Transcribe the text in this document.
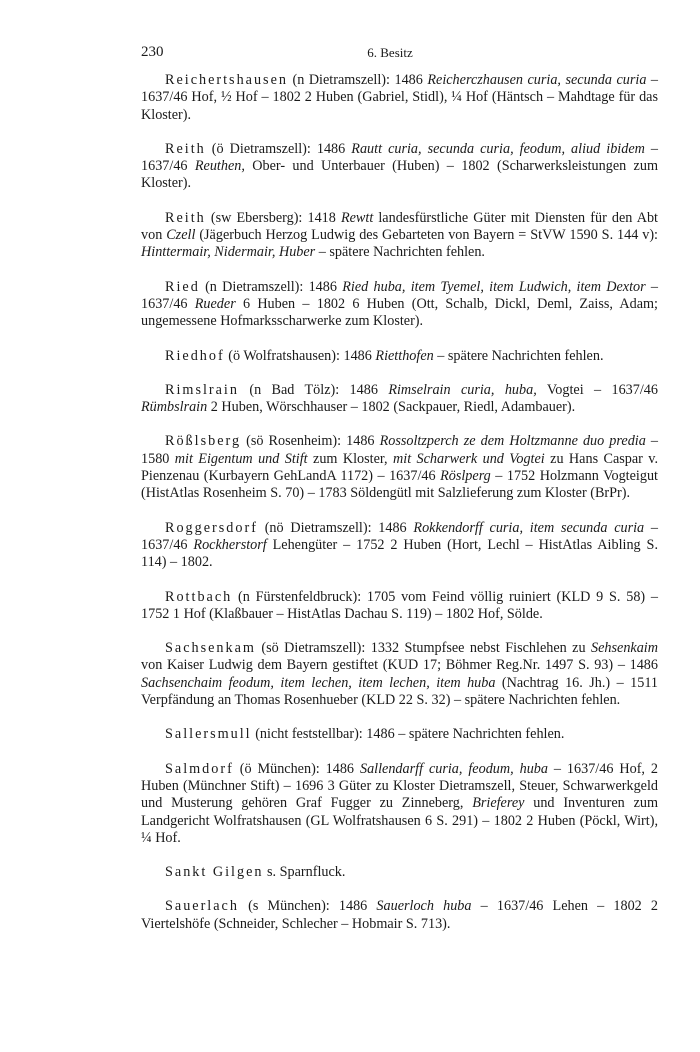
230	6. Besitz

Reichertshausen (n Dietramszell): 1486 Reicherczhausen curia, secunda curia – 1637/46 Hof, ½ Hof – 1802 2 Huben (Gabriel, Stidl), ¼ Hof (Häntsch – Mahdtage für das Kloster).

Reith (ö Dietramszell): 1486 Rautt curia, secunda curia, feodum, aliud ibidem – 1637/46 Reuthen, Ober- und Unterbauer (Huben) – 1802 (Scharwerksleistungen zum Kloster).

Reith (sw Ebersberg): 1418 Rewtt landesfürstliche Güter mit Diensten für den Abt von Czell (Jägerbuch Herzog Ludwig des Gebarteten von Bayern = StVW 1590 S. 144 v): Hinttermair, Nidermair, Huber – spätere Nachrichten fehlen.

Ried (n Dietramszell): 1486 Ried huba, item Tyemel, item Ludwich, item Dextor – 1637/46 Rueder 6 Huben – 1802 6 Huben (Ott, Schalb, Dickl, Deml, Zaiss, Adam; ungemessene Hofmarksscharwerke zum Kloster).

Riedhof (ö Wolfratshausen): 1486 Rietthofen – spätere Nachrichten fehlen.

Rimslrain (n Bad Tölz): 1486 Rimselrain curia, huba, Vogtei – 1637/46 Rümbslrain 2 Huben, Wörschhauser – 1802 (Sackpauer, Riedl, Adambauer).

Rößlsberg (sö Rosenheim): 1486 Rossoltzperch ze dem Holtzmanne duo predia – 1580 mit Eigentum und Stift zum Kloster, mit Scharwerk und Vogtei zu Hans Caspar v. Pienzenau (Kurbayern GehLandA 1172) – 1637/46 Röslperg – 1752 Holzmann Vogteigut (HistAtlas Rosenheim S. 70) – 1783 Söldengütl mit Salzlieferung zum Kloster (BrPr).

Roggersdorf (nö Dietramszell): 1486 Rokkendorff curia, item secunda curia – 1637/46 Rockherstorf Lehengüter – 1752 2 Huben (Hort, Lechl – HistAtlas Aibling S. 114) – 1802.

Rottbach (n Fürstenfeldbruck): 1705 vom Feind völlig ruiniert (KLD 9 S. 58) – 1752 1 Hof (Klaßbauer – HistAtlas Dachau S. 119) – 1802 Hof, Sölde.

Sachsenkam (sö Dietramszell): 1332 Stumpfsee nebst Fischlehen zu Sehsenkaim von Kaiser Ludwig dem Bayern gestiftet (KUD 17; Böhmer Reg.Nr. 1497 S. 93) – 1486 Sachsenchaim feodum, item lechen, item lechen, item huba (Nachtrag 16. Jh.) – 1511 Verpfändung an Thomas Rosenhueber (KLD 22 S. 32) – spätere Nachrichten fehlen.

Sallersmull (nicht feststellbar): 1486 – spätere Nachrichten fehlen.

Salmdorf (ö München): 1486 Sallendarff curia, feodum, huba – 1637/46 Hof, 2 Huben (Münchner Stift) – 1696 3 Güter zu Kloster Dietramszell, Steuer, Schwarwerkgeld und Musterung gehören Graf Fugger zu Zinneberg, Brieferey und Inventuren zum Landgericht Wolfratshausen (GL Wolfratshausen 6 S. 291) – 1802 2 Huben (Pöckl, Wirt), ¼ Hof.

Sankt Gilgen s. Sparnfluck.

Sauerlach (s München): 1486 Sauerloch huba – 1637/46 Lehen – 1802 2 Viertelshöfe (Schneider, Schlecher – Hobmair S. 713).
